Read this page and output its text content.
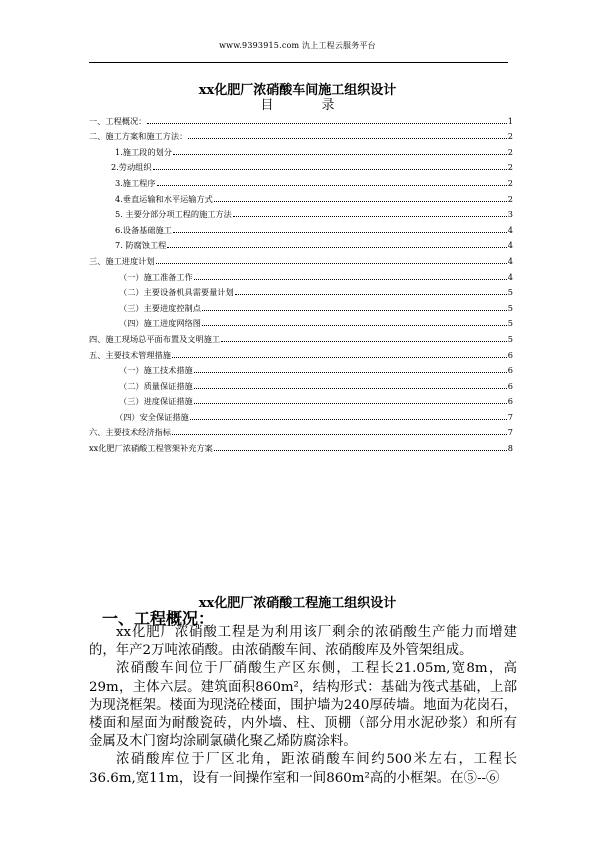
www.9393915.com 氿上工程云服务平台
xx化肥厂浓硝酸车间施工组织设计
目录
一、工程概况：	1
二、施工方案和施工方法：	2
1.施工段的划分	2
2.劳动组织	2
3.施工程序	2
4.垂直运输和水平运输方式	2
5. 主要分部分项工程的施工方法	3
6.设备基础施工	4
7. 防腐蚀工程	4
三、施工进度计划	4
（一）施工准备工作	4
（二）主要设备机具需要量计划	5
（三）主要进度控制点	5
（四）施工进度网络图	5
四、施工现场总平面布置及文明施工	5
五、主要技术管理措施	6
（一）施工技术措施	6
（二）质量保证措施	6
（三）进度保证措施	6
（四）安全保证措施	7
六、主要技术经济指标	7
xx化肥厂浓硝酸工程管架补充方案	8
xx化肥厂浓硝酸工程施工组织设计
一、工程概况：

xx化肥厂浓硝酸工程是为利用该厂剩余的浓硝酸生产能力而增建的，年产2万吨浓硝酸。由浓硝酸车间、浓硝酸库及外管架组成。

浓硝酸车间位于厂硝酸生产区东侧，工程长21.05m,宽8m，高29m，主体六层。建筑面积860m²，结构形式：基础为筏式基础，上部为现浇框架。楼面为现浇砼楼面，围护墙为240厚砖墙。地面为花岗石，楼面和屋面为耐酸瓷砖，内外墙、柱、顶棚（部分用水泥砂浆）和所有金属及木门窗均涂刷氯磺化聚乙烯防腐涂料。

浓硝酸库位于厂区北角，距浓硝酸车间约500米左右，工程长36.6m,宽11m，设有一间操作室和一间860m²高的小框架。在⑤--⑥
